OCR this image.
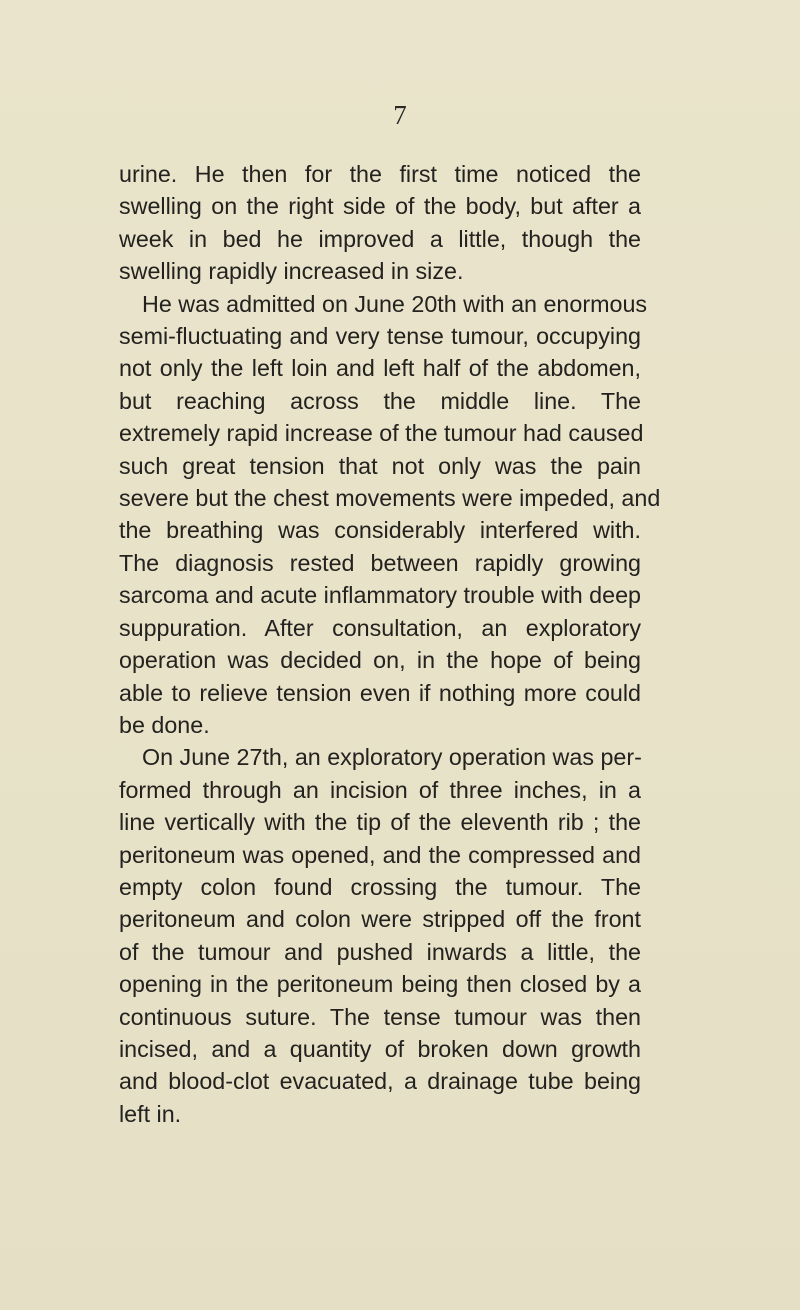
7
urine. He then for the first time noticed the
swelling on the right side of the body, but after a
week in bed he improved a little, though the
swelling rapidly increased in size.
He was admitted on June 20th with an enormous
semi-fluctuating and very tense tumour, occupying
not only the left loin and left half of the abdomen,
but reaching across the middle line. The
extremely rapid increase of the tumour had caused
such great tension that not only was the pain
severe but the chest movements were impeded, and
the breathing was considerably interfered with.
The diagnosis rested between rapidly growing
sarcoma and acute inflammatory trouble with deep
suppuration. After consultation, an exploratory
operation was decided on, in the hope of being
able to relieve tension even if nothing more could
be done.
On June 27th, an exploratory operation was per-
formed through an incision of three inches, in a
line vertically with the tip of the eleventh rib ; the
peritoneum was opened, and the compressed and
empty colon found crossing the tumour. The
peritoneum and colon were stripped off the front
of the tumour and pushed inwards a little, the
opening in the peritoneum being then closed by a
continuous suture. The tense tumour was then
incised, and a quantity of broken down growth
and blood-clot evacuated, a drainage tube being
left in.
